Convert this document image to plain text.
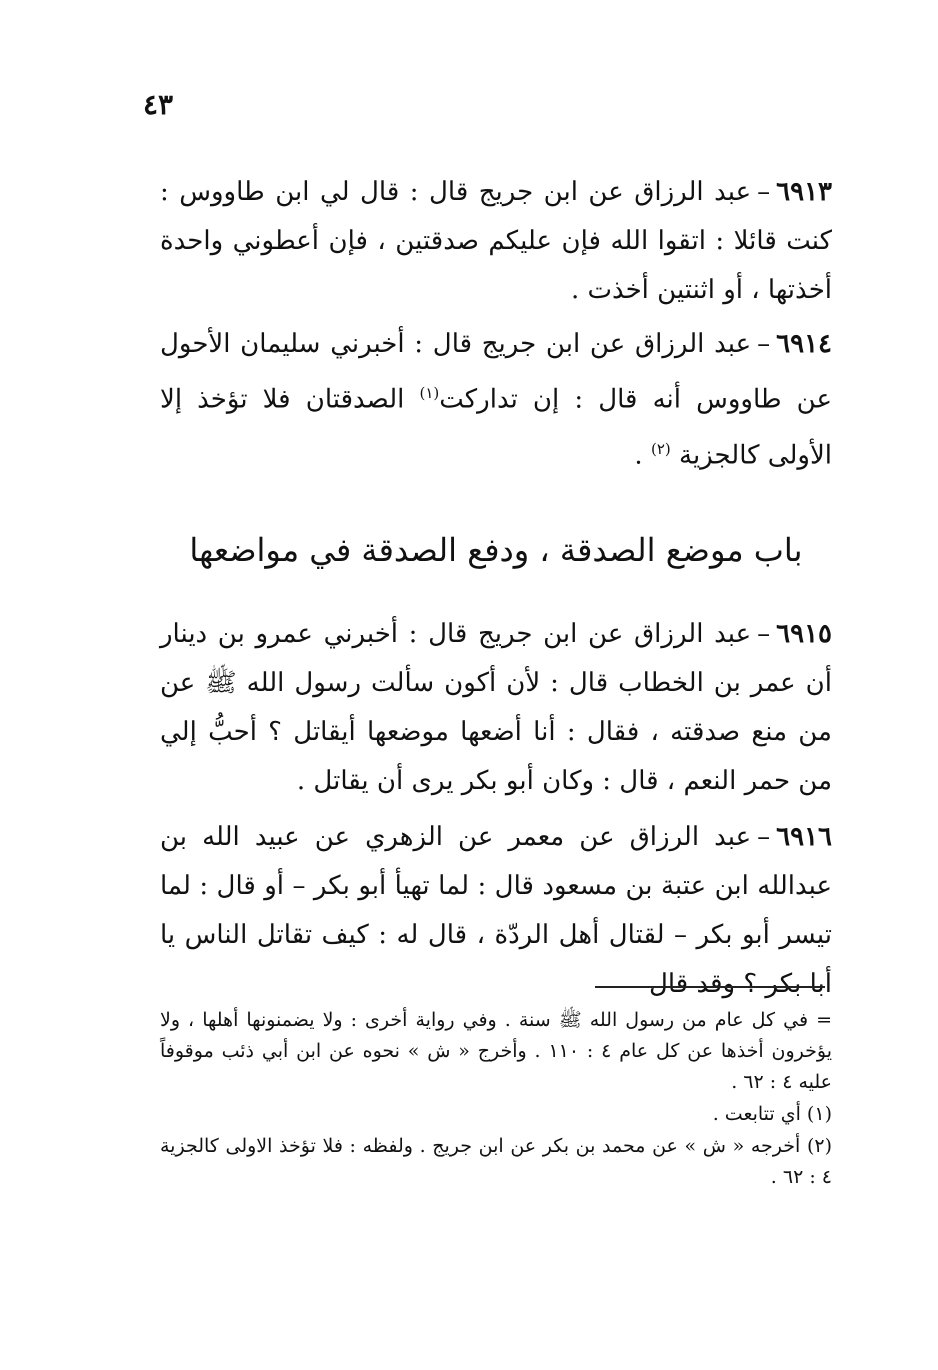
٤٣

٦٩١٣–عبد الرزاق عن ابن جريج قال : قال لي ابن طاووس : كنت قائلا : اتقوا الله فإن عليكم صدقتين ، فإن أعطوني واحدة أخذتها ، أو اثنتين أخذت .

٦٩١٤–عبد الرزاق عن ابن جريج قال : أخبرني سليمان الأحول عن طاووس أنه قال : إن تداركت$^{(١)}$ الصدقتان فلا تؤخذ إلا الأولى كالجزية $^{(٢)}$ .

باب موضع الصدقة ، ودفع الصدقة في مواضعها

٦٩١٥–عبد الرزاق عن ابن جريج قال : أخبرني عمرو بن دينار أن عمر بن الخطاب قال : لأن أكون سألت رسول الله ﷺ عن من منع صدقته ، فقال : أنا أضعها موضعها أيقاتل ؟ أحبُّ إلي من حمر النعم ، قال : وكان أبو بكر يرى أن يقاتل .

٦٩١٦–عبد الرزاق عن معمر عن الزهري عن عبيد الله بن عبدالله ابن عتبة بن مسعود قال : لما تهيأ أبو بكر – أو قال : لما تيسر أبو بكر – لقتال أهل الردّة ، قال له : كيف تقاتل الناس يا أبا بكر ؟ وقد قال

= في كل عام من رسول الله ﷺ سنة . وفي رواية أخرى : ولا يضمنونها أهلها ، ولا يؤخرون أخذها عن كل عام ٤ : ١١٠ . وأخرج « ش » نحوه عن ابن أبي ذئب موقوفاً عليه ٤ : ٦٢ .

(١) أي تتابعت .

(٢) أخرجه « ش » عن محمد بن بكر عن ابن جريج . ولفظه : فلا تؤخذ الاولى كالجزية ٤ : ٦٢ .
